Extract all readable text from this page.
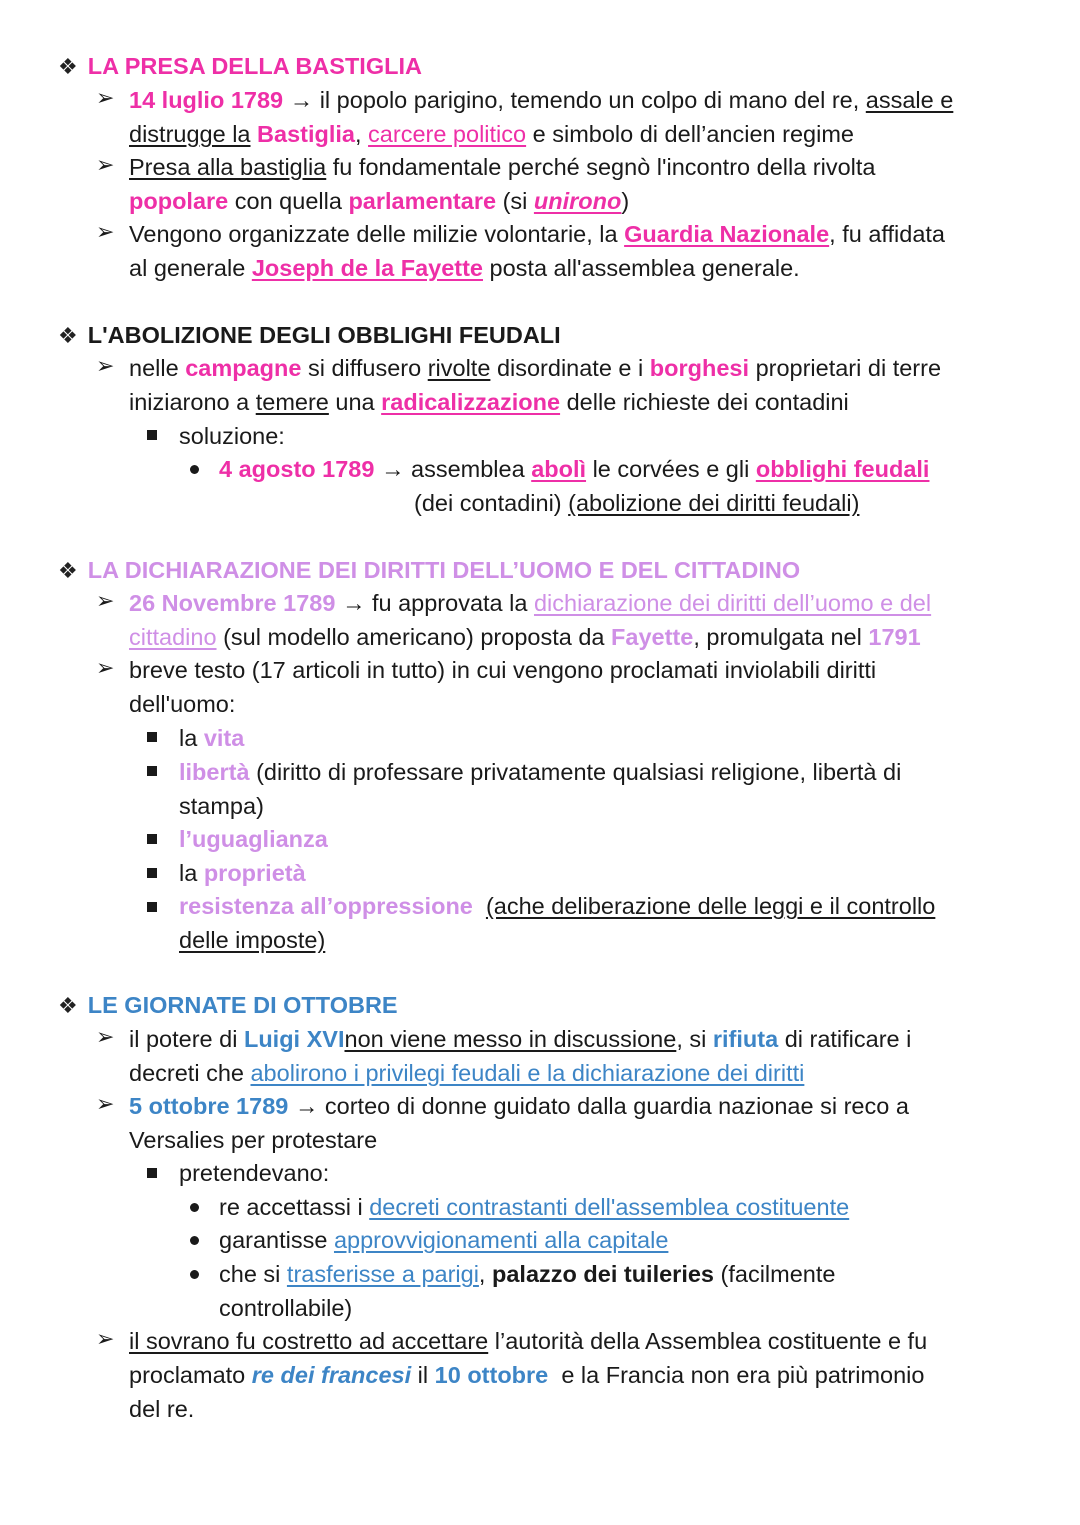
❖ LA PRESA DELLA BASTIGLIA
➢ 14 luglio 1789 → il popolo parigino, temendo un colpo di mano del re, assale e
distrugge la Bastiglia, carcere politico e simbolo di dell’ancien regime
➢ Presa alla bastiglia fu fondamentale perché segnò l'incontro della rivolta
popolare con quella parlamentare (si unirono)
➢ Vengono organizzate delle milizie volontarie, la Guardia Nazionale, fu affidata
al generale Joseph de la Fayette posta all'assemblea generale.
❖ L'ABOLIZIONE DEGLI OBBLIGHI FEUDALI
➢ nelle campagne si diffusero rivolte disordinate e i borghesi proprietari di terre
iniziarono a temere una radicalizzazione delle richieste dei contadini
soluzione:
4 agosto 1789 → assemblea abolì le corvées e gli obblighi feudali
(dei contadini) (abolizione dei diritti feudali)
❖ LA DICHIARAZIONE DEI DIRITTI DELL’UOMO E DEL CITTADINO
➢ 26 Novembre 1789 → fu approvata la dichiarazione dei diritti dell’uomo e del
cittadino (sul modello americano) proposta da Fayette, promulgata nel 1791
➢ breve testo (17 articoli in tutto) in cui vengono proclamati inviolabili diritti
dell'uomo:
la vita
libertà (diritto di professare privatamente qualsiasi religione, libertà di
stampa)
l’uguaglianza
la proprietà
resistenza all’oppressione (ache deliberazione delle leggi e il controllo
delle imposte)
❖ LE GIORNATE DI OTTOBRE
➢ il potere di Luigi XVInon viene messo in discussione, si rifiuta di ratificare i
decreti che abolirono i privilegi feudali e la dichiarazione dei diritti
➢ 5 ottobre 1789 → corteo di donne guidato dalla guardia nazionae si reco a
Versalies per protestare
pretendevano:
re accettassi i decreti contrastanti dell'assemblea costituente
garantisse approvvigionamenti alla capitale
che si trasferisse a parigi, palazzo dei tuileries (facilmente
controllabile)
➢ il sovrano fu costretto ad accettare l’autorità della Assemblea costituente e fu
proclamato re dei francesi il 10 ottobre e la Francia non era più patrimonio
del re.
